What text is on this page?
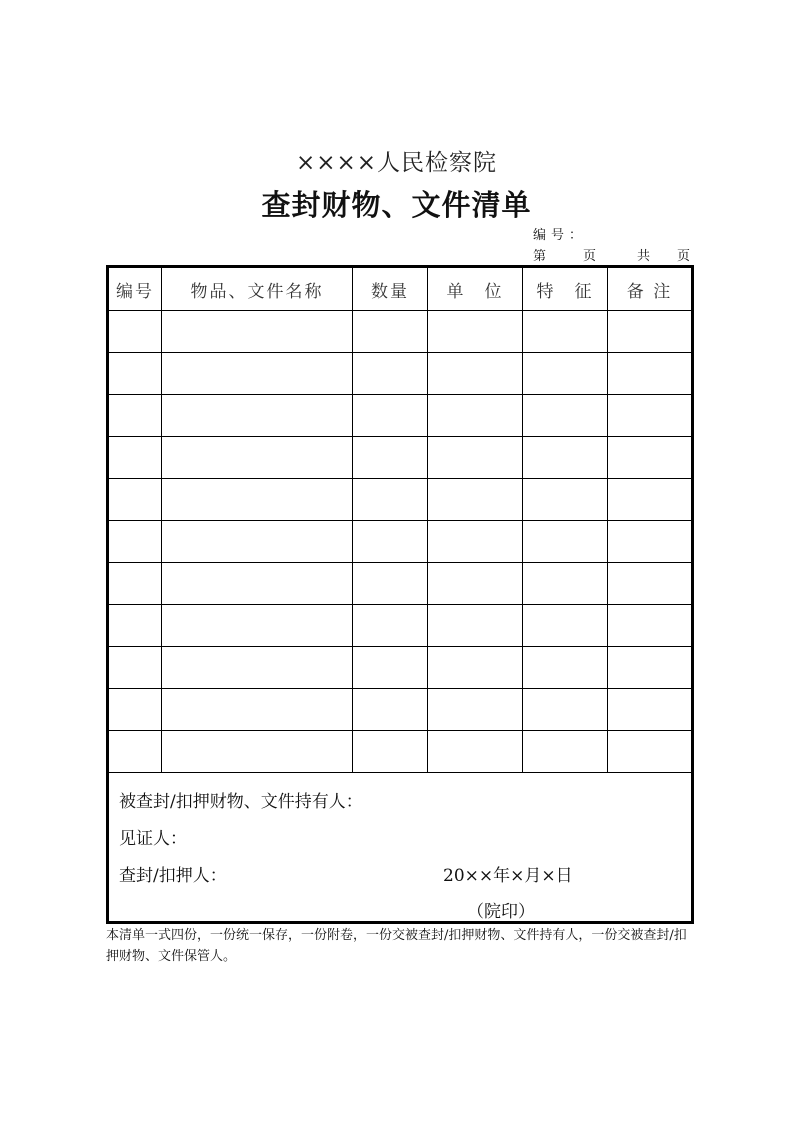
××××人民检察院
查封财物、文件清单
编号：
第	页	共 页
编号	物品、文件名称	数量	单　位	特　征	备 注

被查封/扣押财物、文件持有人：
见证人：
查封/扣押人： 20××年×月×日
（院印）					
本清单一式四份，一份统一保存，一份附卷，一份交被查封/扣押财物、文件持有人，一份交被查封/扣押财物、文件保管人。
